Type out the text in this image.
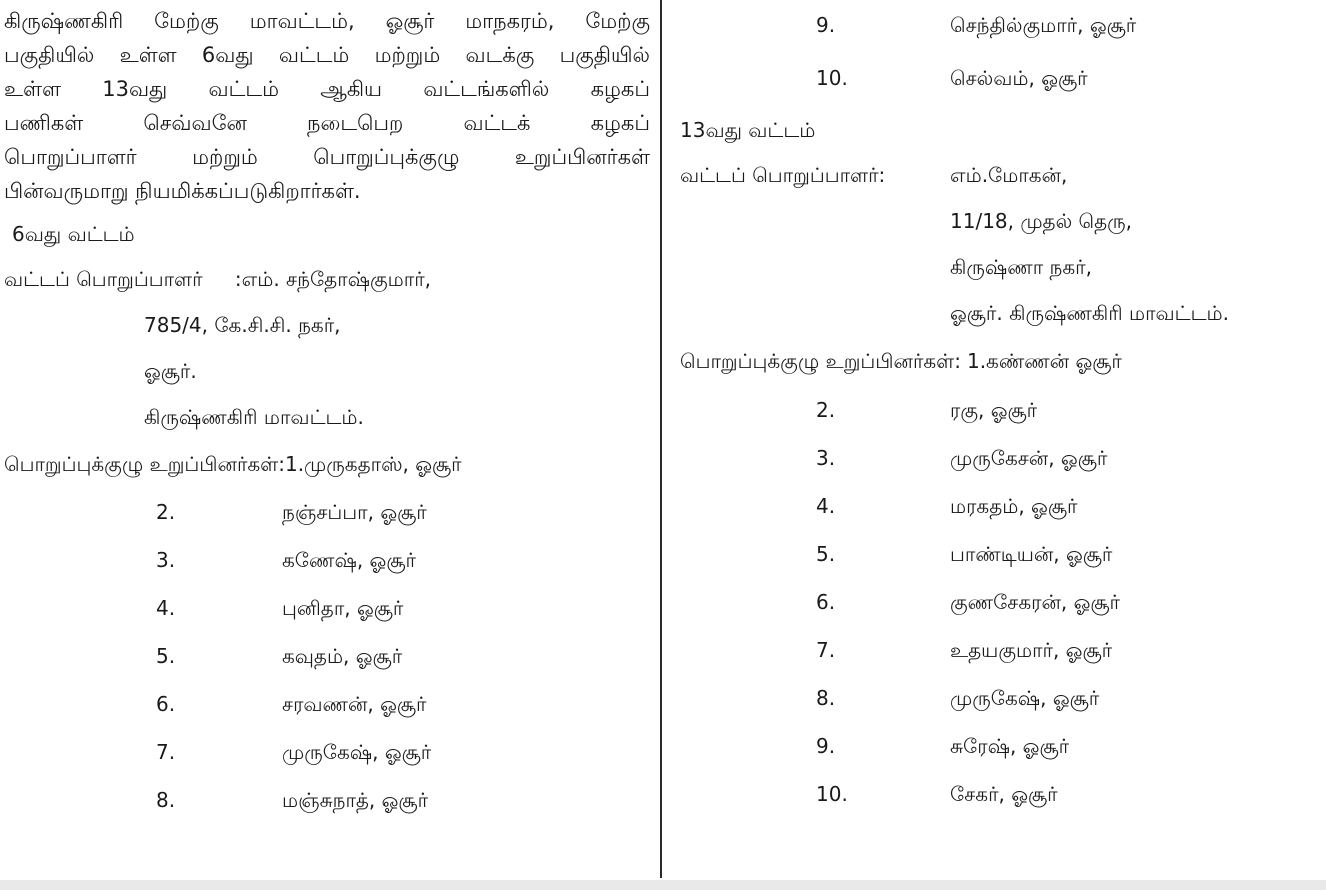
கிருஷ்ணகிரி மேற்கு மாவட்டம், ஓசூர் மாநகரம், மேற்கு
பகுதியில் உள்ள 6வது வட்டம் மற்றும் வடக்கு பகுதியில்
உள்ள 13வது வட்டம் ஆகிய வட்டங்களில் கழகப்
பணிகள் செவ்வனே நடைபெற வட்டக் கழகப்
பொறுப்பாளர் மற்றும் பொறுப்புக்குழு உறுப்பினர்கள்
பின்வருமாறு நியமிக்கப்படுகிறார்கள்.

6வது வட்டம்
வட்டப் பொறுப்பாளர் :எம். சந்தோஷ்குமார்,
785/4, கே.சி.சி. நகர்,
ஓசூர்.
கிருஷ்ணகிரி மாவட்டம்.
பொறுப்புக்குழு உறுப்பினர்கள்:1.முருகதாஸ், ஓசூர்
2.	நஞ்சப்பா, ஓசூர்
3.	கணேஷ், ஓசூர்
4.	புனிதா, ஓசூர்
5.	கவுதம், ஓசூர்
6.	சரவணன், ஓசூர்
7.	முருகேஷ், ஓசூர்
8.	மஞ்சுநாத், ஓசூர்
9.	செந்தில்குமார், ஓசூர்
10.	செல்வம், ஓசூர்
13வது வட்டம்
வட்டப் பொறுப்பாளர்:	எம்.மோகன்,
11/18, முதல் தெரு,
கிருஷ்ணா நகர்,
ஓசூர். கிருஷ்ணகிரி மாவட்டம்.
பொறுப்புக்குழு உறுப்பினர்கள்:1.கண்ணன் ஓசூர்
2.	ரகு, ஓசூர்
3.	முருகேசன், ஓசூர்
4.	மரகதம், ஓசூர்
5.	பாண்டியன், ஓசூர்
6.	குணசேகரன், ஓசூர்
7.	உதயகுமார், ஓசூர்
8.	முருகேஷ், ஓசூர்
9.	சுரேஷ், ஓசூர்
10.	சேகர், ஓசூர்
